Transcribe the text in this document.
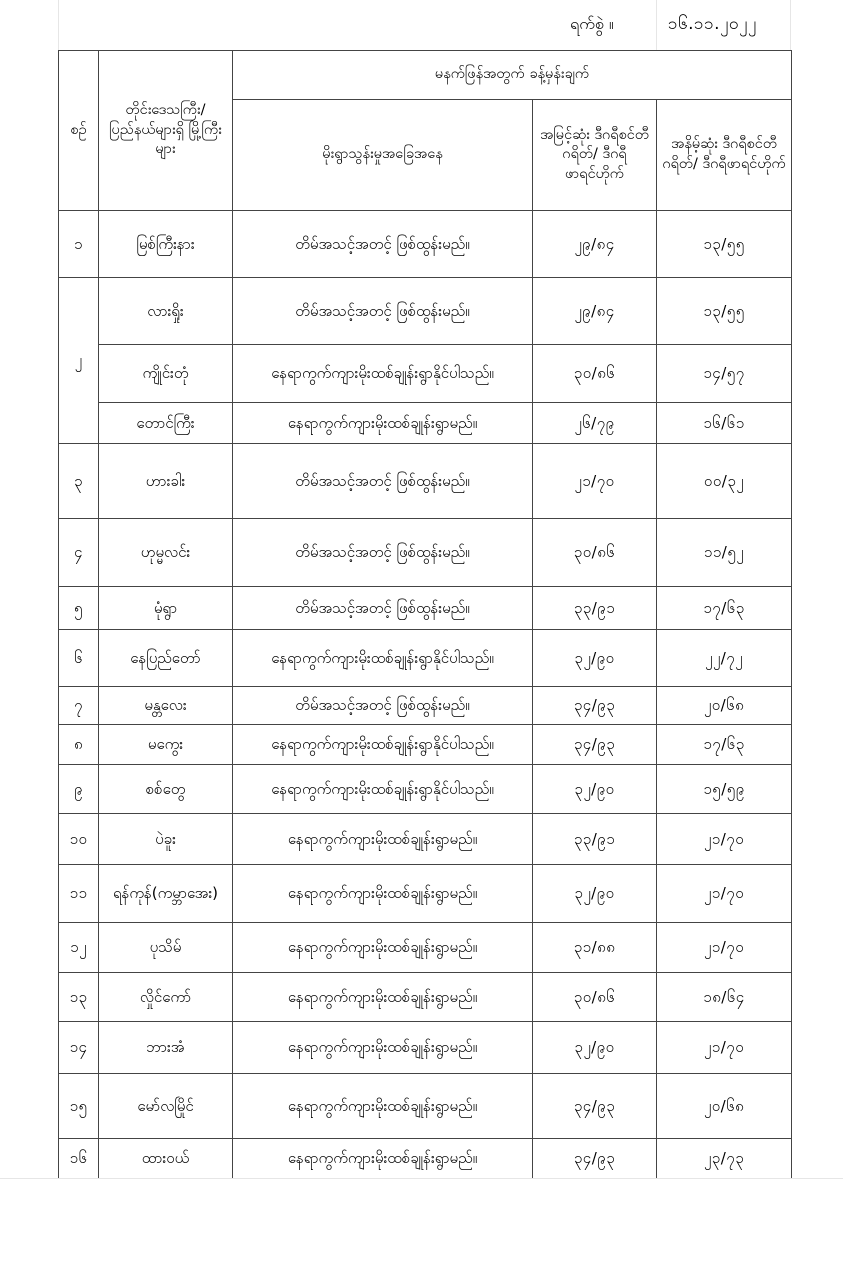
ရက်စွဲ ။	၁၆.၁၁.၂၀၂၂
စဉ်	တိုင်းဒေသကြီး/ ပြည်နယ်များရှိ မြို့ကြီးများ	မနက်ဖြန်အတွက် ခန့်မှန်းချက်		
		မိုးရွာသွန်းမှုအခြေအနေ	အမြင့်ဆုံး ဒီဂရီစင်တီဂရိတ်/ ဒီဂရီဖာရင်ဟိုက်	အနိမ့်ဆုံး ဒီဂရီစင်တီဂရိတ်/ ဒီဂရီဖာရင်ဟိုက်
၁	မြစ်ကြီးနား	တိမ်အသင့်အတင့် ဖြစ်ထွန်းမည်။	၂၉/၈၄	၁၃/၅၅
၂	လားရှိုး	တိမ်အသင့်အတင့် ဖြစ်ထွန်းမည်။	၂၉/၈၄	၁၃/၅၅
	ကျိုင်းတုံ	နေရာကွက်ကျားမိုးထစ်ချုန်းရွာနိုင်ပါသည်။	၃၀/၈၆	၁၄/၅၇
	တောင်ကြီး	နေရာကွက်ကျားမိုးထစ်ချုန်းရွာမည်။	၂၆/၇၉	၁၆/၆၁
၃	ဟားခါး	တိမ်အသင့်အတင့် ဖြစ်ထွန်းမည်။	၂၁/၇၀	၀၀/၃၂
၄	ဟုမ္မလင်း	တိမ်အသင့်အတင့် ဖြစ်ထွန်းမည်။	၃၀/၈၆	၁၁/၅၂
၅	မုံရွာ	တိမ်အသင့်အတင့် ဖြစ်ထွန်းမည်။	၃၃/၉၁	၁၇/၆၃
၆	နေပြည်တော်	နေရာကွက်ကျားမိုးထစ်ချုန်းရွာနိုင်ပါသည်။	၃၂/၉၀	၂၂/၇၂
၇	မန္တလေး	တိမ်အသင့်အတင့် ဖြစ်ထွန်းမည်။	၃၄/၉၃	၂၀/၆၈
၈	မကွေး	နေရာကွက်ကျားမိုးထစ်ချုန်းရွာနိုင်ပါသည်။	၃၄/၉၃	၁၇/၆၃
၉	စစ်တွေ	နေရာကွက်ကျားမိုးထစ်ချုန်းရွာနိုင်ပါသည်။	၃၂/၉၀	၁၅/၅၉
၁၀	ပဲခူး	နေရာကွက်ကျားမိုးထစ်ချုန်းရွာမည်။	၃၃/၉၁	၂၁/၇၀
၁၁	ရန်ကုန်(ကမ္ဘာအေး)	နေရာကွက်ကျားမိုးထစ်ချုန်းရွာမည်။	၃၂/၉၀	၂၁/၇၀
၁၂	ပုသိမ်	နေရာကွက်ကျားမိုးထစ်ချုန်းရွာမည်။	၃၁/၈၈	၂၁/၇၀
၁၃	လှိုင်ကော်	နေရာကွက်ကျားမိုးထစ်ချုန်းရွာမည်။	၃၀/၈၆	၁၈/၆၄
၁၄	ဘားအံ	နေရာကွက်ကျားမိုးထစ်ချုန်းရွာမည်။	၃၂/၉၀	၂၁/၇၀
၁၅	မော်လမြိုင်	နေရာကွက်ကျားမိုးထစ်ချုန်းရွာမည်။	၃၄/၉၃	၂၀/၆၈
၁၆	ထားဝယ်	နေရာကွက်ကျားမိုးထစ်ချုန်းရွာမည်။	၃၄/၉၃	၂၃/၇၃
